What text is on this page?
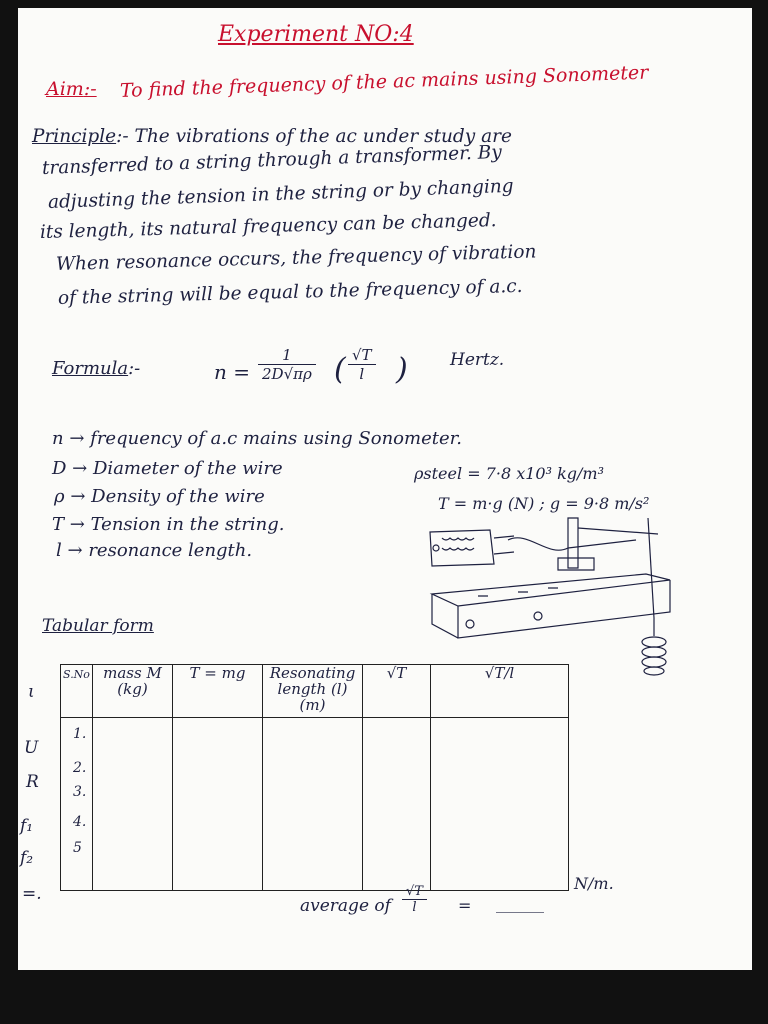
Experiment NO:4
Aim:- To find the frequency of the ac mains using Sonometer
Principle:- The vibrations of the ac under study are
transferred to a string through a transformer. By
adjusting the tension in the string or by changing
its length, its natural frequency can be changed.
When resonance occurs, the frequency of vibration
of the string will be equal to the frequency of a.c.
Formula:-	$n = \frac{1}{2D√\pi\rho}$ ( $\frac{√T}{l}$ ) Hertz.
n → frequency of a.c mains using Sonometer.
D → Diameter of the wire
ρ → Density of the wire
T → Tension in the string.
l → resonance length.
ρsteel = 7·8 x10³ kg/m³
T = m·g (N) ; g = 9·8 m/s²
Tabular form
S.No	mass M (kg)	T = mg	Resonating length (l) (m)	√T	√T/l

1.
2.
3.
4.
5					

average of $\frac{√T}{l}$ = ______
N/m.
ι
U
R
f₁
f₂
=.
